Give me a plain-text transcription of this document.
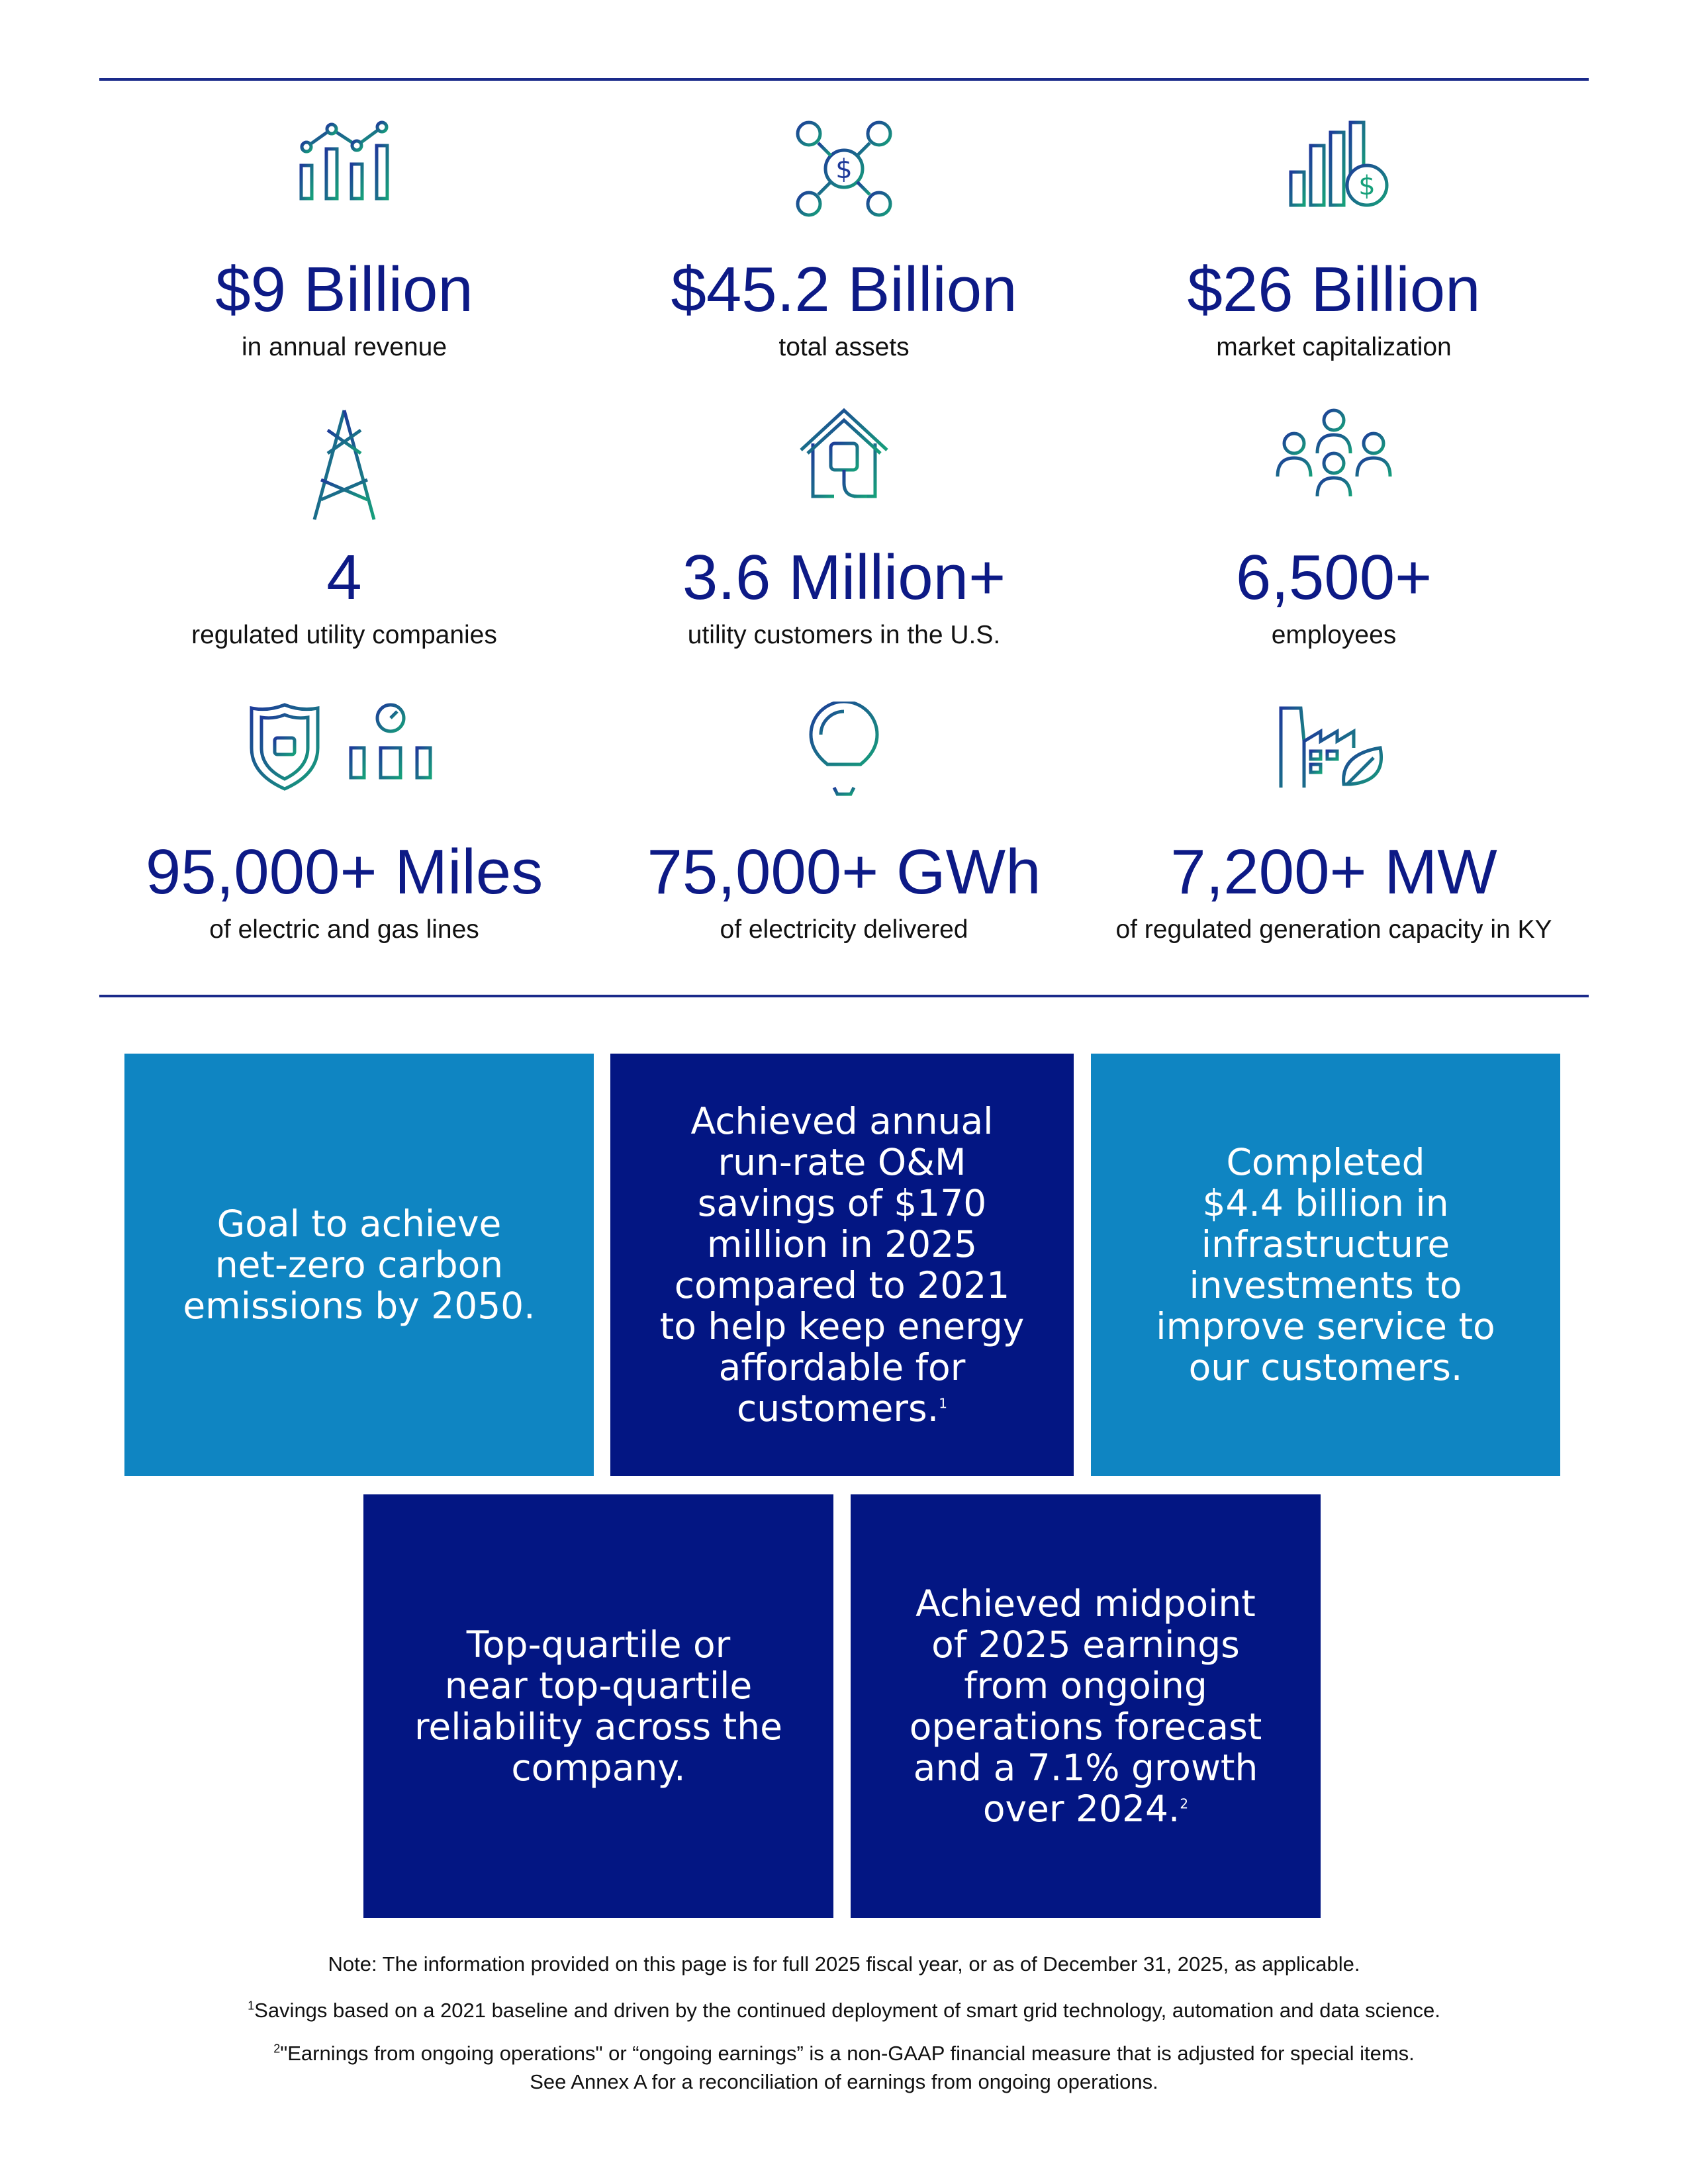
$9 Billion
in annual revenue
$
$45.2 Billion
total assets
$
$26 Billion
market capitalization
4
regulated utility companies
3.6 Million+
utility customers in the U.S.
6,500+
employees
95,000+ Miles
of electric and gas lines
75,000+ GWh
of electricity delivered
7,200+ MW
of regulated generation capacity in KY
Goal to achieve
net-zero carbon
emissions by 2050.
Achieved annual
run-rate O&M
savings of $170
million in 2025
compared to 2021
to help keep energy
affordable for
customers.$^1$
Completed
$4.4 billion in
infrastructure
investments to
improve service to
our customers.
Top-quartile or
near top-quartile
reliability across the
company.
Achieved midpoint
of 2025 earnings
from ongoing
operations forecast
and a 7.1% growth
over 2024.$^2$
Note: The information provided on this page is for full 2025 fiscal year, or as of December 31, 2025, as applicable.
$^1$Savings based on a 2021 baseline and driven by the continued deployment of smart grid technology, automation and data science.
$^2$"Earnings from ongoing operations" or “ongoing earnings” is a non-GAAP financial measure that is adjusted for special items.
See Annex A for a reconciliation of earnings from ongoing operations.
